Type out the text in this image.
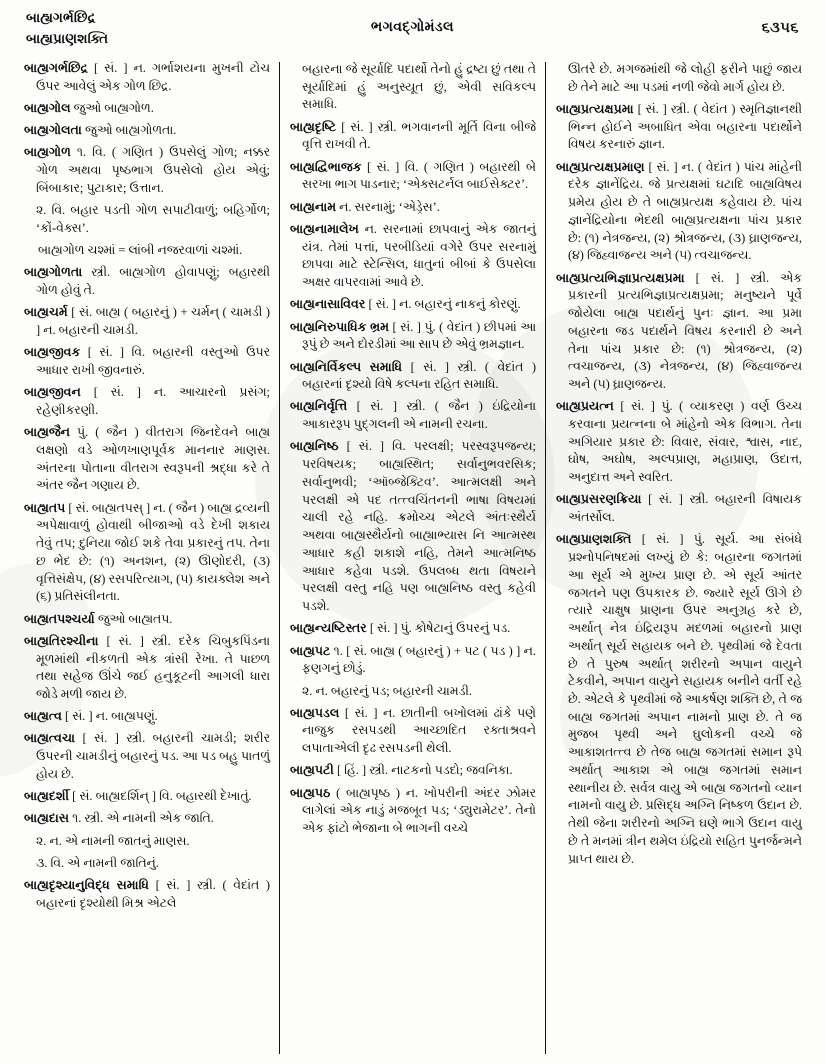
બાહ્યગર્ભછિદ્ર
બાહ્યપ્રાણશક્તિ
ભગવદ્ગોમંડલ	૬૩૫૬

બાહ્યગર્ભછિદ્ર [ સં. ] ન. ગર્ભાશયના મુખની ટોચ ઉપર આવેલું એક ગોળ છિદ્ર.

બાહ્યગોલ જુઓ બાહ્યગોળ.

બાહ્યગોલતા જુઓ બાહ્યગોળતા.

બાહ્યગોળ ૧. વિ. ( ગણિત ) ઉપસેલું ગોળ; નક્કર ગોળ અથવા પૃષ્ઠભાગ ઉપસેલો હોય એવું; બિંબાકાર; પુટાકાર; ઉત્તાન.

૨. વિ. બહાર પડતી ગોળ સપાટીવાળું; બહિર્ગોળ; ‘કોં-વેક્સ’.

બાહ્યગોળ ચશ્માં = લાંબી નજરવાળાં ચશ્માં.

બાહ્યગોળતા સ્ત્રી. બાહ્યગોળ હોવાપણું; બહારથી ગોળ હોવું તે.

બાહ્યચર્મ [ સં. બાહ્ય ( બહારનું ) + ચર્મન્ ( ચામડી ) ] ન. બહારની ચામડી.

બાહ્યજીવક [ સં. ] વિ. બહારની વસ્તુઓ ઉપર આધાર રાખી જીવનારું.

બાહ્યજીવન [ સં. ] ન. આચારનો પ્રસંગ; રહેણીકરણી.

બાહ્યજૈન પું. ( જૈન ) વીતરાગ જિનદેવને બાહ્ય લક્ષણો વડે ઓળખાણપૂર્વક માનનાર માણસ. અંતરના પોતાના વીતરાગ સ્વરૂપની શ્રદ્ધા કરે તે અંતર જૈન ગણાય છે.

બાહ્યતપ [ સં. બાહ્યતપસ્ ] ન. ( જૈન ) બાહ્ય દ્રવ્યની અપેક્ષાવાળું હોવાથી બીજાઓ વડે દેખી શકાય તેવું તપ; દુનિયા જોઈ શકે તેવા પ્રકારનું તપ. તેના છ ભેદ છે: (૧) અનશન, (૨) ઊણોદરી, (૩) વૃત્તિસંક્ષેપ, (૪) રસપરિત્યાગ, (૫) કાયક્લેશ અને (૬) પ્રતિસંલીનતા.

બાહ્યતપશ્ચર્યા જુઓ બાહ્યતપ.

બાહ્યતિરશ્ચીના [ સં. ] સ્ત્રી. દરેક ચિબુકપિંડના મૂળમાંથી નીકળતી એક ત્રાંસી રેખા. તે પાછળ તથા સહેજ ઊંચે જઈ હનુકૂટની આગલી ધારા જોડે મળી જાય છે.

બાહ્યત્વ [ સં. ] ન. બાહ્યપણું.

બાહ્યત્વચા [ સં. ] સ્ત્રી. બહારની ચામડી; શરીર ઉપરની ચામડીનું બહારનું પડ. આ પડ બહુ પાતળું હોય છે.

બાહ્યદર્શી [ સં. બાહ્યદર્શિન્ ] વિ. બહારથી દેખાતું.

બાહ્યદાસ ૧. સ્ત્રી. એ નામની એક જાતિ.

૨. ન. એ નામની જાતનું માણસ.

૩. વિ. એ નામની જાતિનું.

બાહ્યદૃશ્યાનુવિદ્ધ સમાધિ [ સં. ] સ્ત્રી. ( વેદાંત ) બહારનાં દૃશ્યોથી મિશ્ર એટલે

બહારના જે સૂર્યાદિ પદાર્થો તેનો હું દ્રષ્ટા છું તથા તે સૂર્યાદિમાં હું અનુસ્યૂત છું, એવી સવિકલ્પ સમાધિ.

બાહ્યદૃષ્ટિ [ સં. ] સ્ત્રી. ભગવાનની મૂર્તિ વિના બીજે વૃત્તિ રાખવી તે.

બાહ્યદ્વિભાજક [ સં. ] વિ. ( ગણિત ) બહારથી બે સરખા ભાગ પાડનાર; ‘એક્સટર્નલ બાઈસેક્ટર’.

બાહ્યનામ ન. સરનામું; ‘એડ્રેસ’.

બાહ્યનામાલેખ ન. સરનામાં છાપવાનું એક જાતનું યંત્ર. તેમાં પત્તાં, પરબીડિયાં વગેરે ઉપર સરનામું છાપવા માટે સ્ટેન્સિલ, ધાતુનાં બીબાં કે ઉપસેલા અક્ષર વાપરવામાં આવે છે.

બાહ્યનાસાવિવર [ સં. ] ન. બહારનું નાકનું કોરણું.

બાહ્યનિરુપાધિક ભ્રમ [ સં. ] પું. ( વેદાંત ) છીપમાં આ રૂપું છે અને દોરડીમાં આ સાપ છે એવું ભ્રમજ્ઞાન.

બાહ્યનિર્વિકલ્પ સમાધિ [ સં. ] સ્ત્રી. ( વેદાંત ) બહારનાં દૃશ્યો વિષે કલ્પના રહિત સમાધિ.

બાહ્યનિર્વૃત્તિ [ સં. ] સ્ત્રી. ( જૈન ) ઇંદ્રિયોના આકારરૂપ પુદ્ગલની એ નામની રચના.

બાહ્યનિષ્ઠ [ સં. ] વિ. પરલક્ષી; પરસ્વરૂપજન્ય; પરવિષયક; બાહ્યસ્થિત; સર્વાનુભવરસિક; સર્વાનુભવી; ‘ઑબ્જેક્ટિવ’. આત્મલક્ષી અને પરલક્ષી એ પદ તત્ત્વચિંતનની ભાષા વિષયમાં ચાલી રહે નહિ. ક્રમોચ્ચ એટલે અંતઃસ્થૈર્ય અથવા બાહ્યસ્થૈર્યનો બાહ્યાભ્યાસ નિ આત્મસ્થ આધાર કહી શકાશે નહિ, તેમને આત્મનિષ્ઠ આધાર કહેવા પડશે. ઉપલબ્ધ થતા વિષયને પરલક્ષી વસ્તુ નહિ પણ બાહ્યનિષ્ઠ વસ્તુ કહેવી પડશે.

બાહ્યન્યષ્ટિસ્તર [ સં. ] પું. કોષેટાનું ઉપરનું પડ.

બાહ્યપટ ૧. [ સં. બાહ્ય ( બહારનું ) + પટ ( પડ ) ] ન. ફણગનું છોડું.

૨. ન. બહારનું પડ; બહારની ચામડી.

બાહ્યપડલ [ સં. ] ન. છાતીની બખોલમાં ઢાંકે પણે નાજુક રસપડથી આચ્છાદિત રક્તાશ્રવને લપાતાએલી દૃઢ રસપડની થેલી.

બાહ્યપટી [ હિં. ] સ્ત્રી. નાટકનો પડદો; જવનિકા.

બાહ્યપઠ ( બાહ્યપૃષ્ઠ ) ન. ખોપરીની અંદર ઝોમર લાગેલાં એક નાડું મજબૂત પડ; ‘ડ્યુરામેટર’. તેનો એક ફાંટો ભેજાના બે ભાગની વચ્ચે

ઊતરે છે. મગજમાંથી જે લોહી ફરીને પાછું જાય છે તેને માટે આ પડમાં નળી જેવો માર્ગ હોય છે.

બાહ્યપ્રત્યક્ષપ્રમા [ સં. ] સ્ત્રી. ( વેદાંત ) સ્મૃતિજ્ઞાનથી ભિન્ન હોઈને અબાધિત એવા બહારના પદાર્થોને વિષય કરનારું જ્ઞાન.

બાહ્યપ્રત્યક્ષપ્રમાણ [ સં. ] ન. ( વેદાંત ) પાંચ માંહેની દરેક જ્ઞાનેંદ્રિય. જે પ્રત્યક્ષમાં ઘટાદિ બાહ્યવિષય પ્રમેય હોય છે તે બાહ્યપ્રત્યક્ષ કહેવાય છે. પાંચ જ્ઞાનેંદ્રિયોના ભેદથી બાહ્યપ્રત્યક્ષના પાંચ પ્રકાર છે: (૧) નેત્રજન્ય, (૨) શ્રોત્રજન્ય, (૩) ઘ્રાણજન્ય, (૪) જિહ્વાજન્ય અને (૫) ત્વચાજન્ય.

બાહ્યપ્રત્યભિજ્ઞાપ્રત્યક્ષપ્રમા [ સં. ] સ્ત્રી. એક પ્રકારની પ્રત્યભિજ્ઞાપ્રત્યક્ષપ્રમા; મનુષ્યને પૂર્વે જોયેલા બાહ્ય પદાર્થનું પુનઃ જ્ઞાન. આ પ્રમા બહારના જડ પદાર્થને વિષય કરનારી છે અને તેના પાંચ પ્રકાર છે: (૧) શ્રોત્રજન્ય, (૨) ત્વચાજન્ય, (૩) નેત્રજન્ય, (૪) જિહ્વાજન્ય અને (૫) ઘ્રાણજન્ય.

બાહ્યપ્રયત્ન [ સં. ] પું. ( વ્યાકરણ ) વર્ણ ઉચ્ચ કરવાના પ્રયત્નના બે માંહેનો એક વિભાગ. તેના અગિયાર પ્રકાર છે: વિવાર, સંવાર, શ્વાસ, નાદ, ઘોષ, અઘોષ, અલ્પપ્રાણ, મહાપ્રાણ, ઉદાત્ત, અનુદાત્ત અને સ્વરિત.

બાહ્યપ્રસરણક્રિયા [ સં. ] સ્ત્રી. બહારની વિષાયક અંતર્સોલ.

બાહ્યપ્રાણશક્તિ [ સં. ] પું. સૂર્ય. આ સંબંધે પ્રશ્નોપનિષદમાં લખ્યું છે કે: બહારના જગતમાં આ સૂર્ય એ મુખ્ય પ્રાણ છે. એ સૂર્ય આંતર જગતને પણ ઉપકારક છે. જ્યારે સૂર્ય ઊગે છે ત્યારે ચાક્ષુષ પ્રાણના ઉપર અનુગ્રહ કરે છે, અર્થાત્ નેત્ર ઇંદ્રિયરૂપ મદળમાં બહારનો પ્રાણ અર્થાત્ સૂર્ય સહાયક બને છે. પૃથ્વીમાં જે દેવતા છે તે પુરુષ અર્થાત્ શરીરનો અપાન વાયુને ટેકવીને, અપાન વાયુને સહાયક બનીને વર્તી રહે છે. એટલે કે પૃથ્વીમાં જે આકર્ષણ શક્તિ છે, તે જ બાહ્ય જગતમાં અપાન નામનો પ્રાણ છે. તે જ મુજબ પૃથ્વી અને ઘુલોકની વચ્ચે જે આકાશતત્ત્વ છે તેજ બાહ્ય જગતમાં સમાન રૂપે અર્થાત્ આકાશ એ બાહ્ય જગતમાં સમાન સ્થાનીય છે. સર્વત્ર વાયુ એ બાહ્ય જગતનો વ્યાન નામનો વાયુ છે. પ્રસિદ્ધ અગ્નિ નિષ્કળ ઉદાન છે. તેથી જેના શરીરનો અગ્નિ ઘણે ભાગે ઉદાન વાયુ છે તે મનમાં ત્રીન થમેલ ઇંદ્રિયો સહિત પુનર્જન્મને પ્રાપ્ત થાય છે.
